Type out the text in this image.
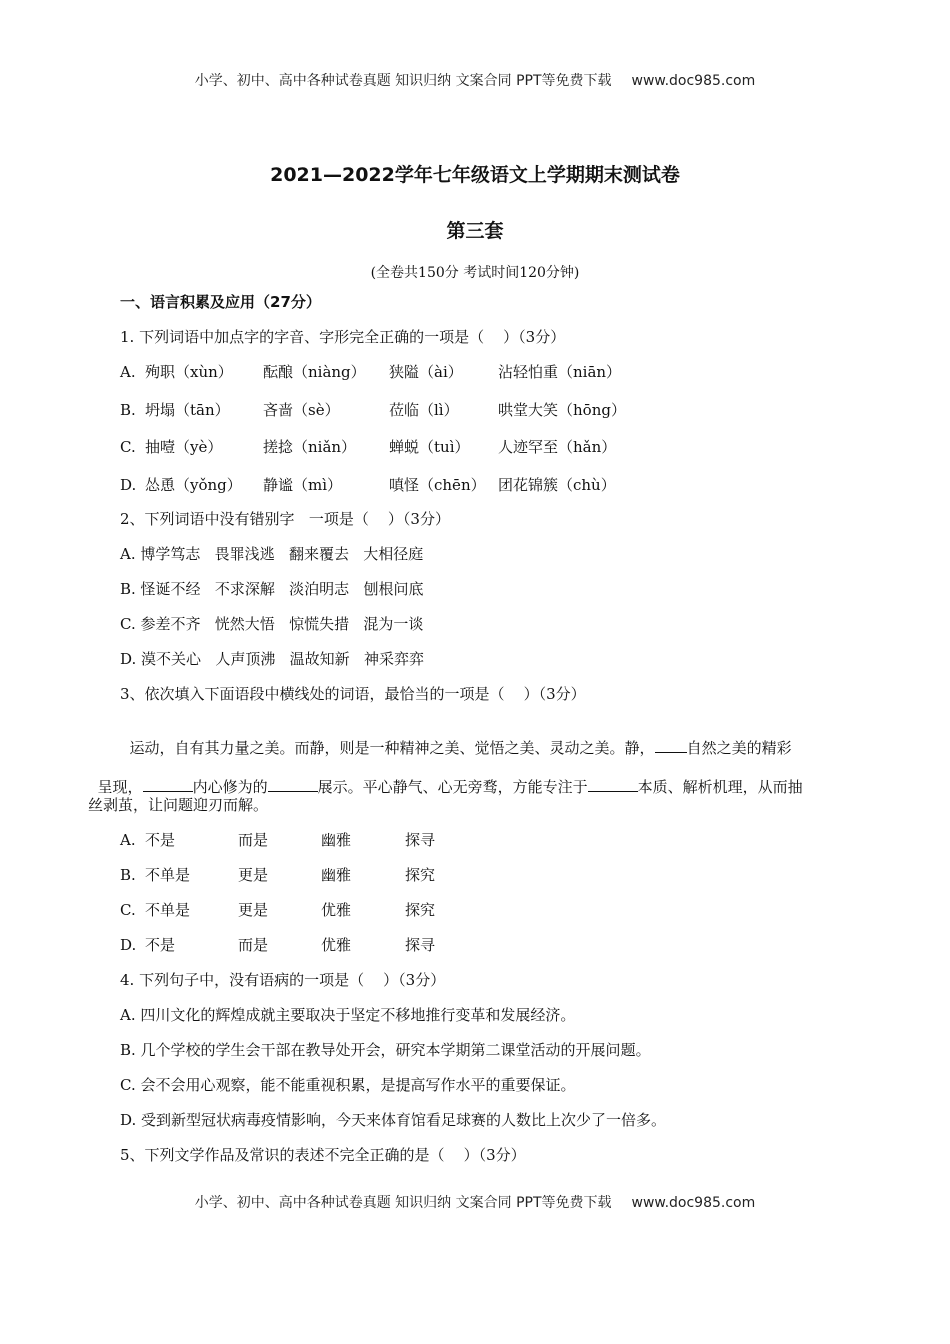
小学、初中、高中各种试卷真题 知识归纳 文案合同 PPT等免费下载 www.doc985.com
2021—2022学年七年级语文上学期期末测试卷
第三套
(全卷共150分 考试时间120分钟)
一、语言积累及应用（27分）
1. 下列词语中加点字的字音、字形完全正确的一项是（    ）（3分）
A. 殉职（xùn） 酝酿（niàng） 狭隘（ài） 沾轻怕重（niān）
B. 坍塌（tān） 吝啬（sè）	莅临（lì）	哄堂大笑（hōng）
C. 抽噎（yè）	搓捻（niǎn） 蝉蜕（tuì） 人迹罕至（hǎn）
D. 怂恿（yǒng） 静谧（mì）	嗔怪（chēn） 团花锦簇（chù）
2、下列词语中没有错别字   一项是（    ）（3分）
A. 博学笃志   畏罪浅逃   翻来覆去   大相径庭
B. 怪诞不经   不求深解   淡泊明志   刨根问底
C. 参差不齐   恍然大悟   惊慌失措   混为一谈
D. 漠不关心   人声顶沸   温故知新   神采弈弈
3、依次填入下面语段中横线处的词语，最恰当的一项是（    ）（3分）

运动，自有其力量之美。而静，则是一种精神之美、觉悟之美、灵动之美。静， 自然之美的精彩

呈现，	内心修为的	展示。平心静气、心无旁骛，方能专注于	本质、解析机理，从而抽

丝剥茧，让问题迎刃而解。
A. 不是	而是	幽雅	探寻
B. 不单是	更是	幽雅	探究
C. 不单是	更是	优雅	探究
D. 不是	而是	优雅	探寻
4. 下列句子中，没有语病的一项是（    ）（3分）
A. 四川文化的辉煌成就主要取决于坚定不移地推行变革和发展经济。
B. 几个学校的学生会干部在教导处开会，研究本学期第二课堂活动的开展问题。
C. 会不会用心观察，能不能重视积累，是提高写作水平的重要保证。
D. 受到新型冠状病毒疫情影响，今天来体育馆看足球赛的人数比上次少了一倍多。
5、下列文学作品及常识的表述不完全正确的是（    ）（3分）
小学、初中、高中各种试卷真题 知识归纳 文案合同 PPT等免费下载 www.doc985.com
